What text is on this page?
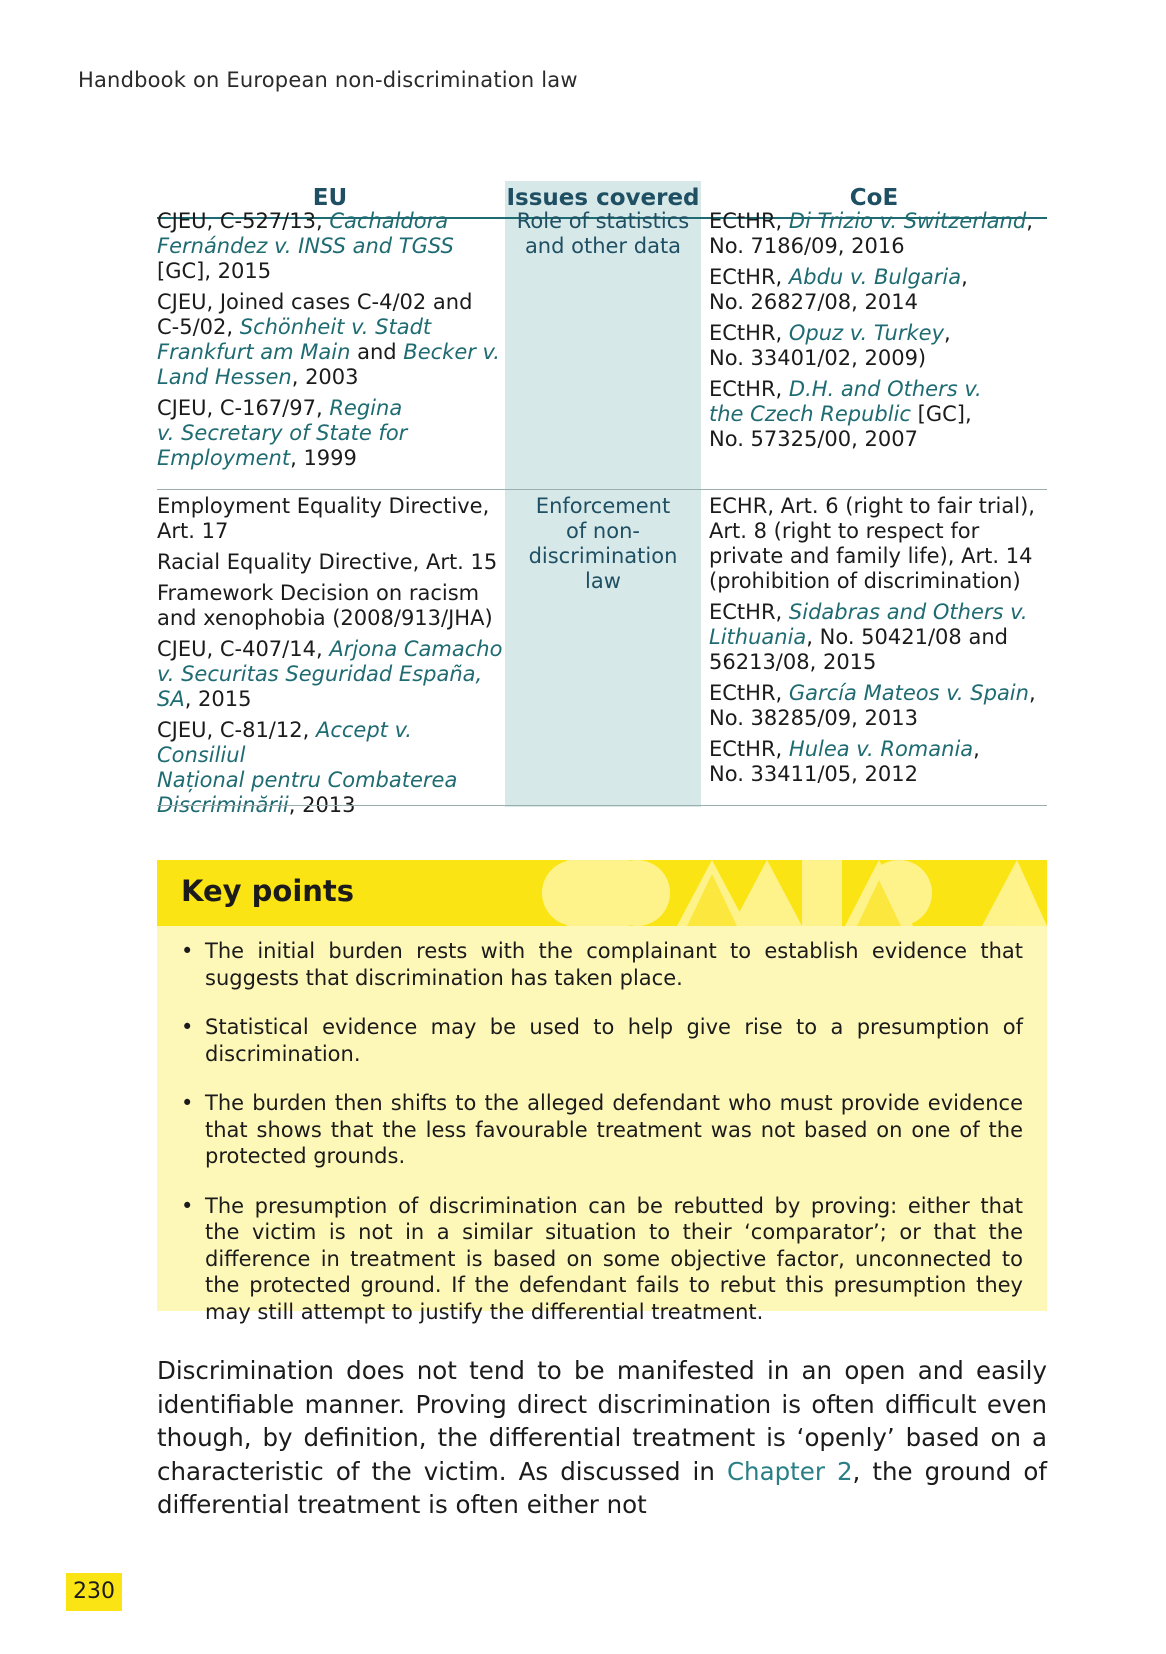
Handbook on European non-discrimination law
EU	Issues covered	CoE
CJEU, C-527/13, Cachaldora
Fernández v. INSS and TGSS
[GC], 2015
CJEU, Joined cases C-4/02 and
C-5/02, Schönheit v. Stadt
Frankfurt am Main and Becker v.
Land Hessen, 2003
CJEU, C-167/97, Regina
v. Secretary of State for
Employment, 1999
Role of statistics
and other data
ECtHR, Di Trizio v. Switzerland,
No. 7186/09, 2016
ECtHR, Abdu v. Bulgaria,
No. 26827/08, 2014
ECtHR, Opuz v. Turkey,
No. 33401/02, 2009)
ECtHR, D.H. and Others v.
the Czech Republic [GC],
No. 57325/00, 2007
Employment Equality Directive,
Art. 17
Racial Equality Directive, Art. 15
Framework Decision on racism
and xenophobia (2008/913/JHA)
CJEU, C-407/14, Arjona Camacho
v. Securitas Seguridad España,
SA, 2015
CJEU, C-81/12, Accept v. Consiliul
Național pentru Combaterea
Discriminării, 2013
Enforcement
of non-
discrimination
law
ECHR, Art. 6 (right to fair trial),
Art. 8 (right to respect for
private and family life), Art. 14
(prohibition of discrimination)
ECtHR, Sidabras and Others v.
Lithuania, No. 50421/08 and
56213/08, 2015
ECtHR, García Mateos v. Spain,
No. 38285/09, 2013
ECtHR, Hulea v. Romania,
No. 33411/05, 2012
Key points
• The initial burden rests with the complainant to establish evidence that suggests that discrimination has taken place.
• Statistical evidence may be used to help give rise to a presumption of discrimination.
• The burden then shifts to the alleged defendant who must provide evidence that shows that the less favourable treatment was not based on one of the protected grounds.
• The presumption of discrimination can be rebutted by proving: either that the victim is not in a similar situation to their ‘comparator’; or that the difference in treatment is based on some objective factor, unconnected to the protected ground. If the defendant fails to rebut this presumption they may still attempt to justify the differential treatment.
Discrimination does not tend to be manifested in an open and easily identifiable manner. Proving direct discrimination is often difficult even though, by definition, the differential treatment is ‘openly’ based on a characteristic of the victim. As discussed in Chapter 2, the ground of differential treatment is often either not
230
